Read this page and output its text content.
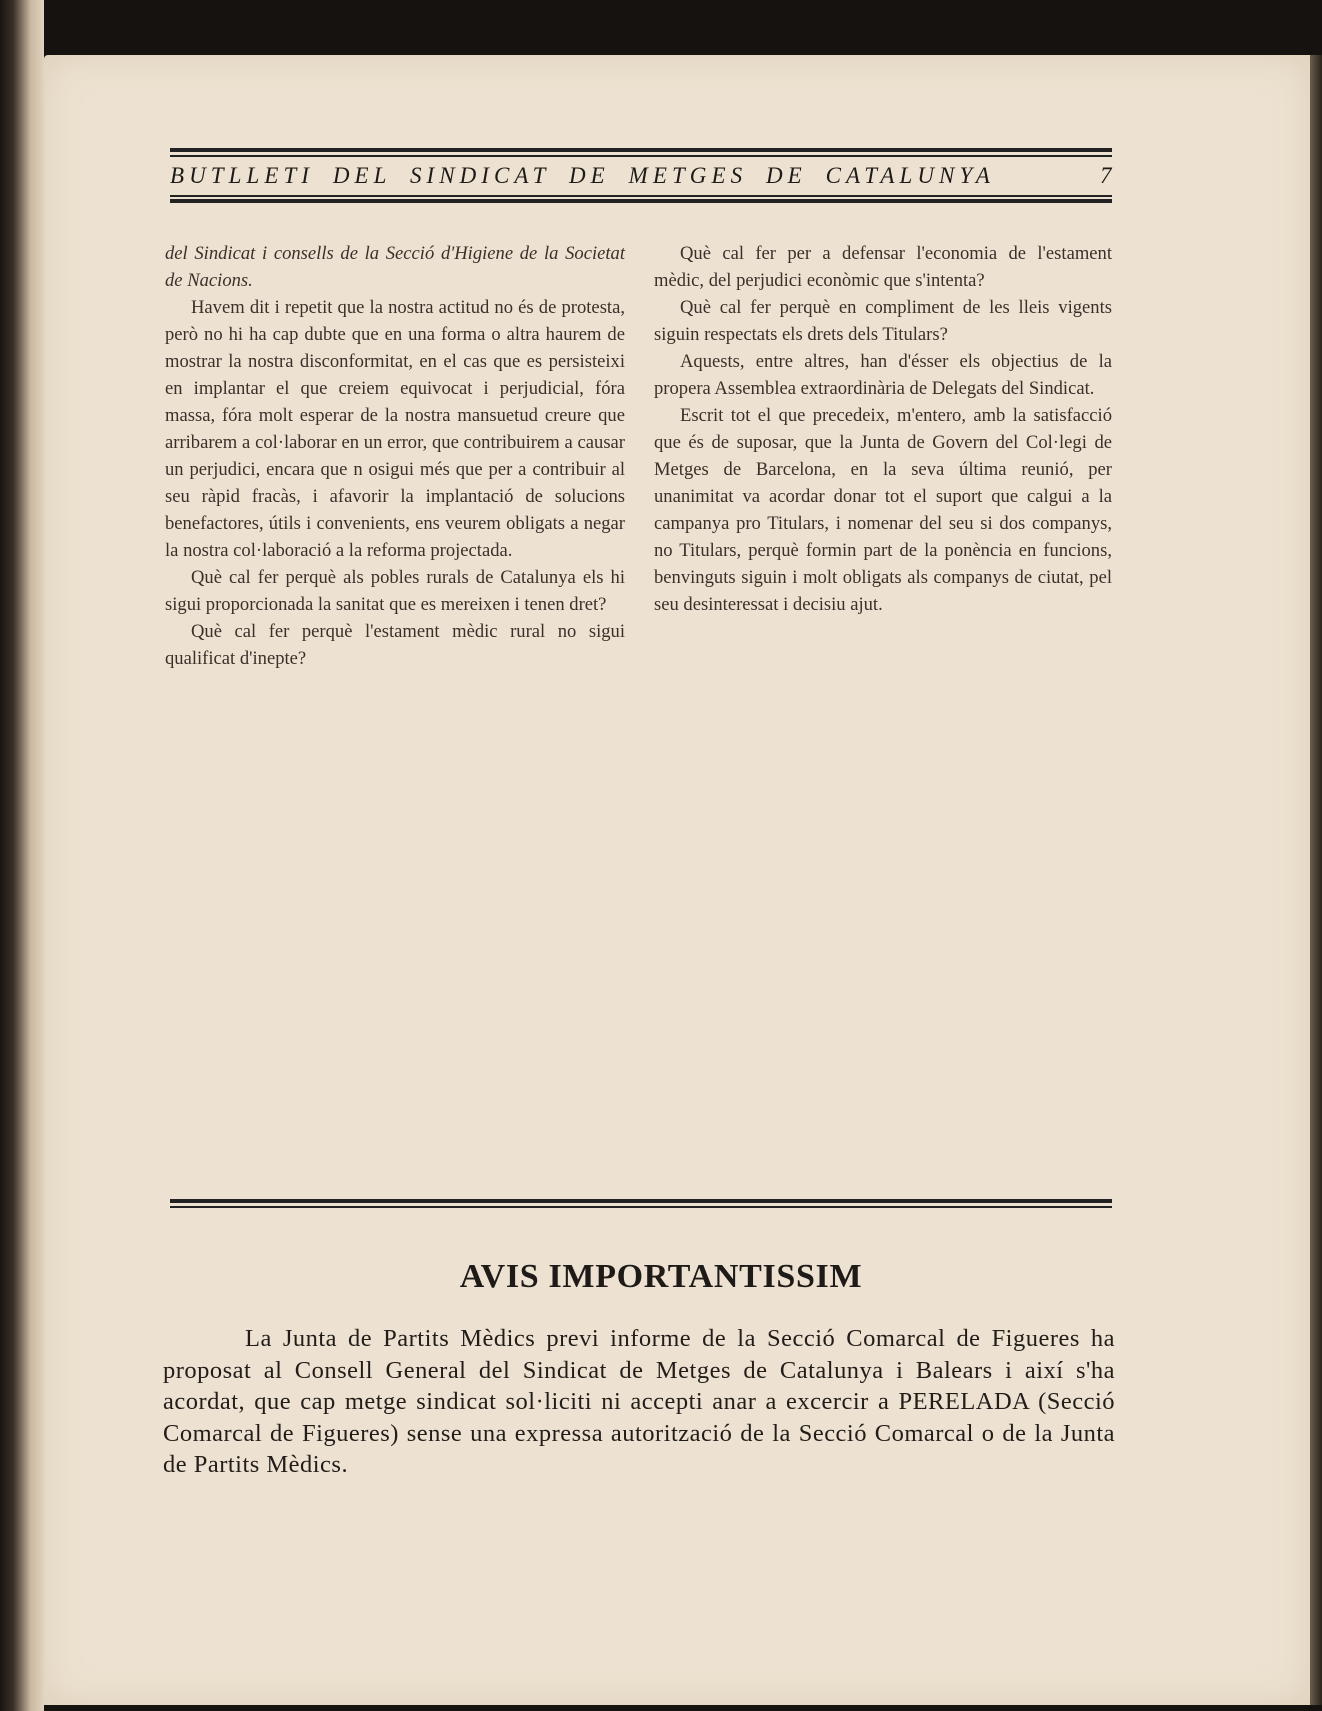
BUTLLETI DEL SINDICAT DE METGES DE CATALUNYA	7

del Sindicat i consells de la Secció d'Higiene de la Societat de Nacions.

Havem dit i repetit que la nostra actitud no és de protesta, però no hi ha cap dubte que en una forma o altra haurem de mostrar la nostra disconformitat, en el cas que es persisteixi en implantar el que creiem equivocat i perjudicial, fóra massa, fóra molt esperar de la nostra mansuetud creure que arribarem a col·laborar en un error, que contribuirem a causar un perjudici, encara que n osigui més que per a contribuir al seu ràpid fracàs, i afavorir la implantació de solucions benefactores, útils i convenients, ens veurem obligats a negar la nostra col·laboració a la reforma projectada.

Què cal fer perquè als pobles rurals de Catalunya els hi sigui proporcionada la sanitat que es mereixen i tenen dret?

Què cal fer perquè l'estament mèdic rural no sigui qualificat d'inepte?

Què cal fer per a defensar l'economia de l'estament mèdic, del perjudici econòmic que s'intenta?

Què cal fer perquè en compliment de les lleis vigents siguin respectats els drets dels Titulars?

Aquests, entre altres, han d'ésser els objectius de la propera Assemblea extraordinària de Delegats del Sindicat.

Escrit tot el que precedeix, m'entero, amb la satisfacció que és de suposar, que la Junta de Govern del Col·legi de Metges de Barcelona, en la seva última reunió, per unanimitat va acordar donar tot el suport que calgui a la campanya pro Titulars, i nomenar del seu si dos companys, no Titulars, perquè formin part de la ponència en funcions, benvinguts siguin i molt obligats als companys de ciutat, pel seu desinteressat i decisiu ajut.

AVIS IMPORTANTISSIM
La Junta de Partits Mèdics previ informe de la Secció Comarcal de Figueres ha proposat al Consell General del Sindicat de Metges de Catalunya i Balears i així s'ha acordat, que cap metge sindicat sol·liciti ni accepti anar a excercir a PERELADA (Secció Comarcal de Figueres) sense una expressa autorització de la Secció Comarcal o de la Junta de Partits Mèdics.
